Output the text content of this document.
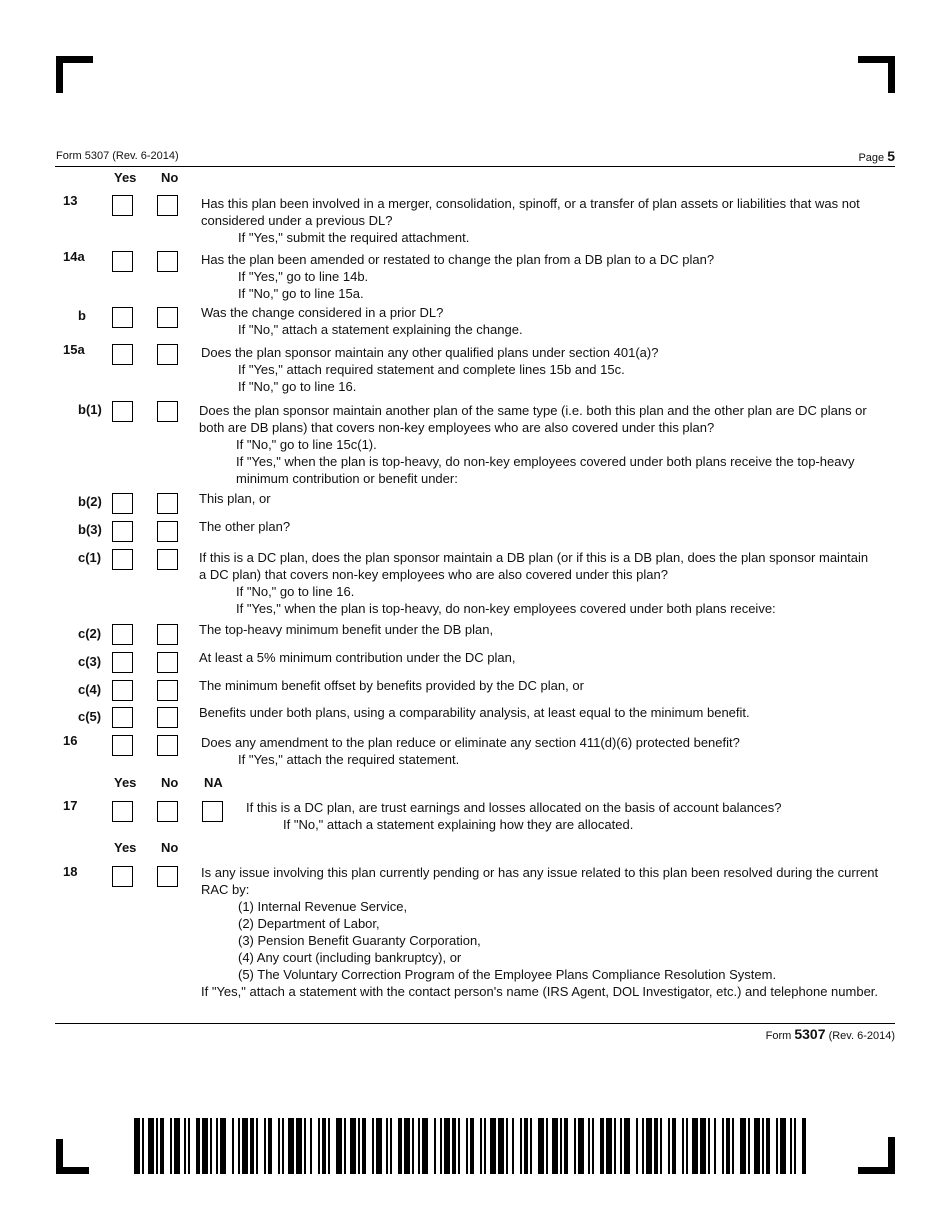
Form 5307 (Rev. 6-2014)	Page 5
Yes No
13	Has this plan been involved in a merger, consolidation, spinoff, or a transfer of plan assets or liabilities that was not considered under a previous DL?
If "Yes," submit the required attachment.
14a	Has the plan been amended or restated to change the plan from a DB plan to a DC plan?
If "Yes," go to line 14b.
If "No," go to line 15a.
b	Was the change considered in a prior DL?
If "No," attach a statement explaining the change.
15a	Does the plan sponsor maintain any other qualified plans under section 401(a)?
If "Yes," attach required statement and complete lines 15b and 15c.
If "No," go to line 16.
b(1)	Does the plan sponsor maintain another plan of the same type (i.e. both this plan and the other plan are DC plans or both are DB plans) that covers non-key employees who are also covered under this plan?
If "No," go to line 15c(1).
If "Yes," when the plan is top-heavy, do non-key employees covered under both plans receive the top-heavy minimum contribution or benefit under:
b(2)	This plan, or
b(3)	The other plan?
c(1)	If this is a DC plan, does the plan sponsor maintain a DB plan (or if this is a DB plan, does the plan sponsor maintain a DC plan) that covers non-key employees who are also covered under this plan?
If "No," go to line 16.
If "Yes," when the plan is top-heavy, do non-key employees covered under both plans receive:
c(2)	The top-heavy minimum benefit under the DB plan,
c(3)	At least a 5% minimum contribution under the DC plan,
c(4)	The minimum benefit offset by benefits provided by the DC plan, or
c(5)	Benefits under both plans, using a comparability analysis, at least equal to the minimum benefit.
16	Does any amendment to the plan reduce or eliminate any section 411(d)(6) protected benefit?
If "Yes," attach the required statement.
Yes No NA
17	If this is a DC plan, are trust earnings and losses allocated on the basis of account balances?
If "No," attach a statement explaining how they are allocated.
Yes No
18	Is any issue involving this plan currently pending or has any issue related to this plan been resolved during the current RAC by:
(1) Internal Revenue Service,
(2) Department of Labor,
(3) Pension Benefit Guaranty Corporation,
(4) Any court (including bankruptcy), or
(5) The Voluntary Correction Program of the Employee Plans Compliance Resolution System.
If "Yes," attach a statement with the contact person's name (IRS Agent, DOL Investigator, etc.) and telephone number.
Form 5307 (Rev. 6-2014)
